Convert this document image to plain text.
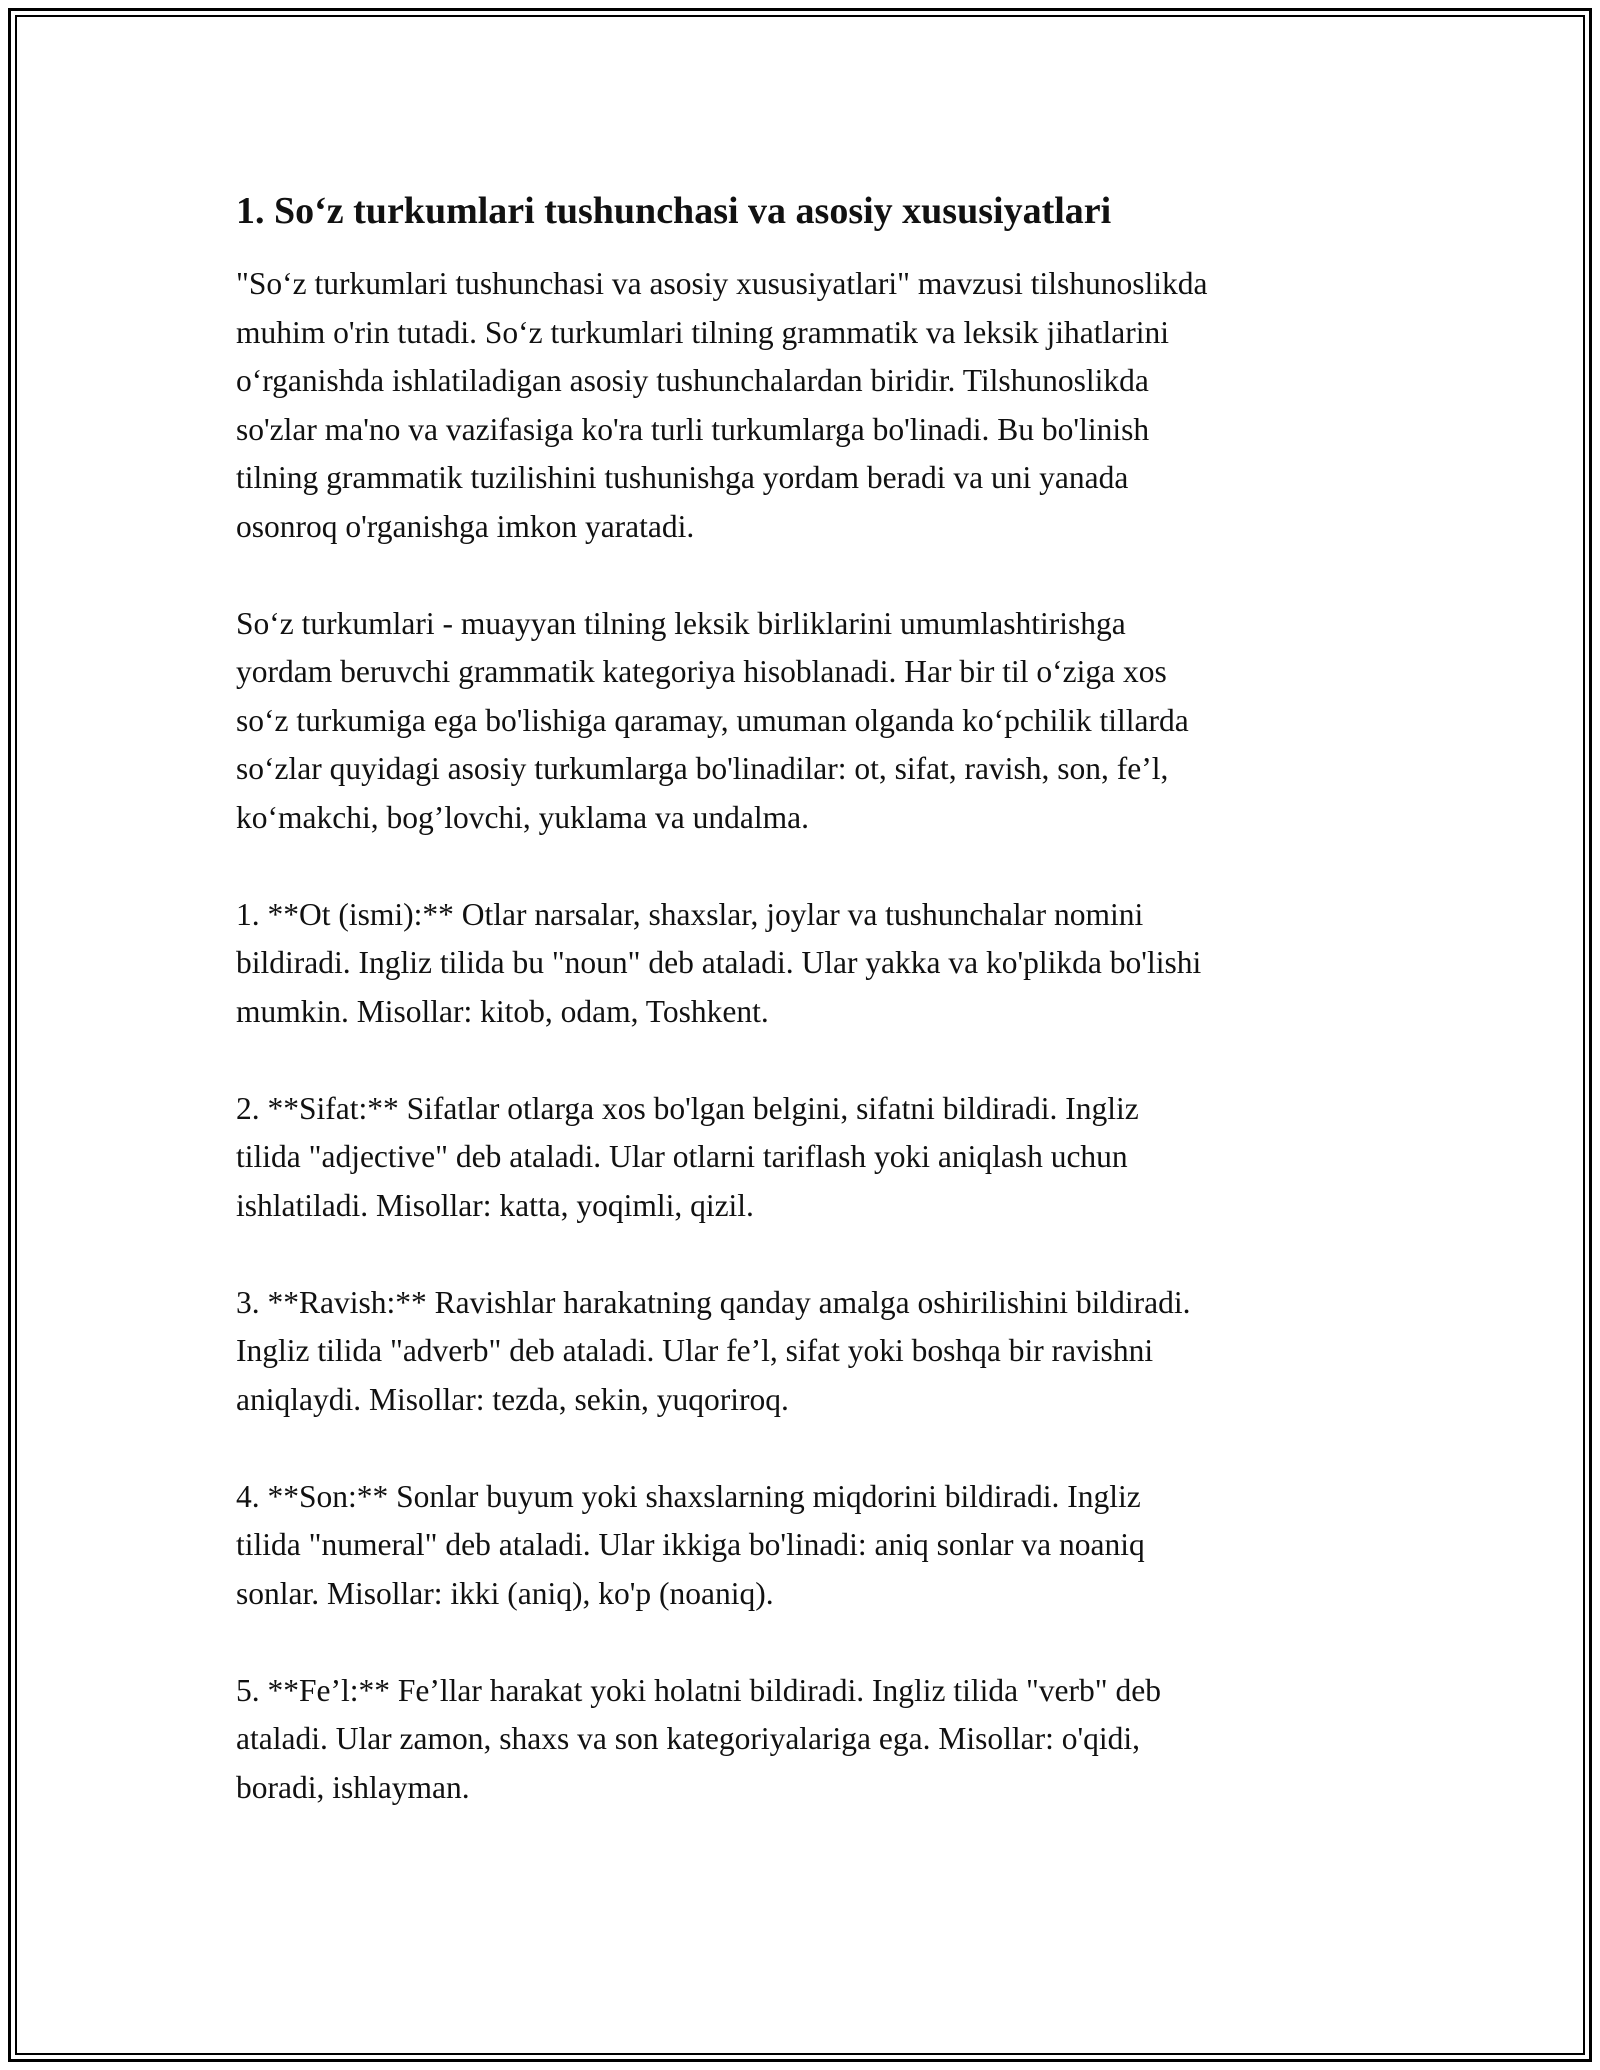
1. So‘z turkumlari tushunchasi va asosiy xususiyatlari

"So‘z turkumlari tushunchasi va asosiy xususiyatlari" mavzusi tilshunoslikda
muhim o'rin tutadi. So‘z turkumlari tilning grammatik va leksik jihatlarini
o‘rganishda ishlatiladigan asosiy tushunchalardan biridir. Tilshunoslikda
so'zlar ma'no va vazifasiga ko'ra turli turkumlarga bo'linadi. Bu bo'linish
tilning grammatik tuzilishini tushunishga yordam beradi va uni yanada
osonroq o'rganishga imkon yaratadi.

So‘z turkumlari - muayyan tilning leksik birliklarini umumlashtirishga
yordam beruvchi grammatik kategoriya hisoblanadi. Har bir til o‘ziga xos
so‘z turkumiga ega bo'lishiga qaramay, umuman olganda ko‘pchilik tillarda
so‘zlar quyidagi asosiy turkumlarga bo'linadilar: ot, sifat, ravish, son, fe’l,
ko‘makchi, bog’lovchi, yuklama va undalma.

1. **Ot (ismi):** Otlar narsalar, shaxslar, joylar va tushunchalar nomini
bildiradi. Ingliz tilida bu "noun" deb ataladi. Ular yakka va ko'plikda bo'lishi
mumkin. Misollar: kitob, odam, Toshkent.

2. **Sifat:** Sifatlar otlarga xos bo'lgan belgini, sifatni bildiradi. Ingliz
tilida "adjective" deb ataladi. Ular otlarni tariflash yoki aniqlash uchun
ishlatiladi. Misollar: katta, yoqimli, qizil.

3. **Ravish:** Ravishlar harakatning qanday amalga oshirilishini bildiradi.
Ingliz tilida "adverb" deb ataladi. Ular fe’l, sifat yoki boshqa bir ravishni
aniqlaydi. Misollar: tezda, sekin, yuqoriroq.

4. **Son:** Sonlar buyum yoki shaxslarning miqdorini bildiradi. Ingliz
tilida "numeral" deb ataladi. Ular ikkiga bo'linadi: aniq sonlar va noaniq
sonlar. Misollar: ikki (aniq), ko'p (noaniq).

5. **Fe’l:** Fe’llar harakat yoki holatni bildiradi. Ingliz tilida "verb" deb
ataladi. Ular zamon, shaxs va son kategoriyalariga ega. Misollar: o'qidi,
boradi, ishlayman.
